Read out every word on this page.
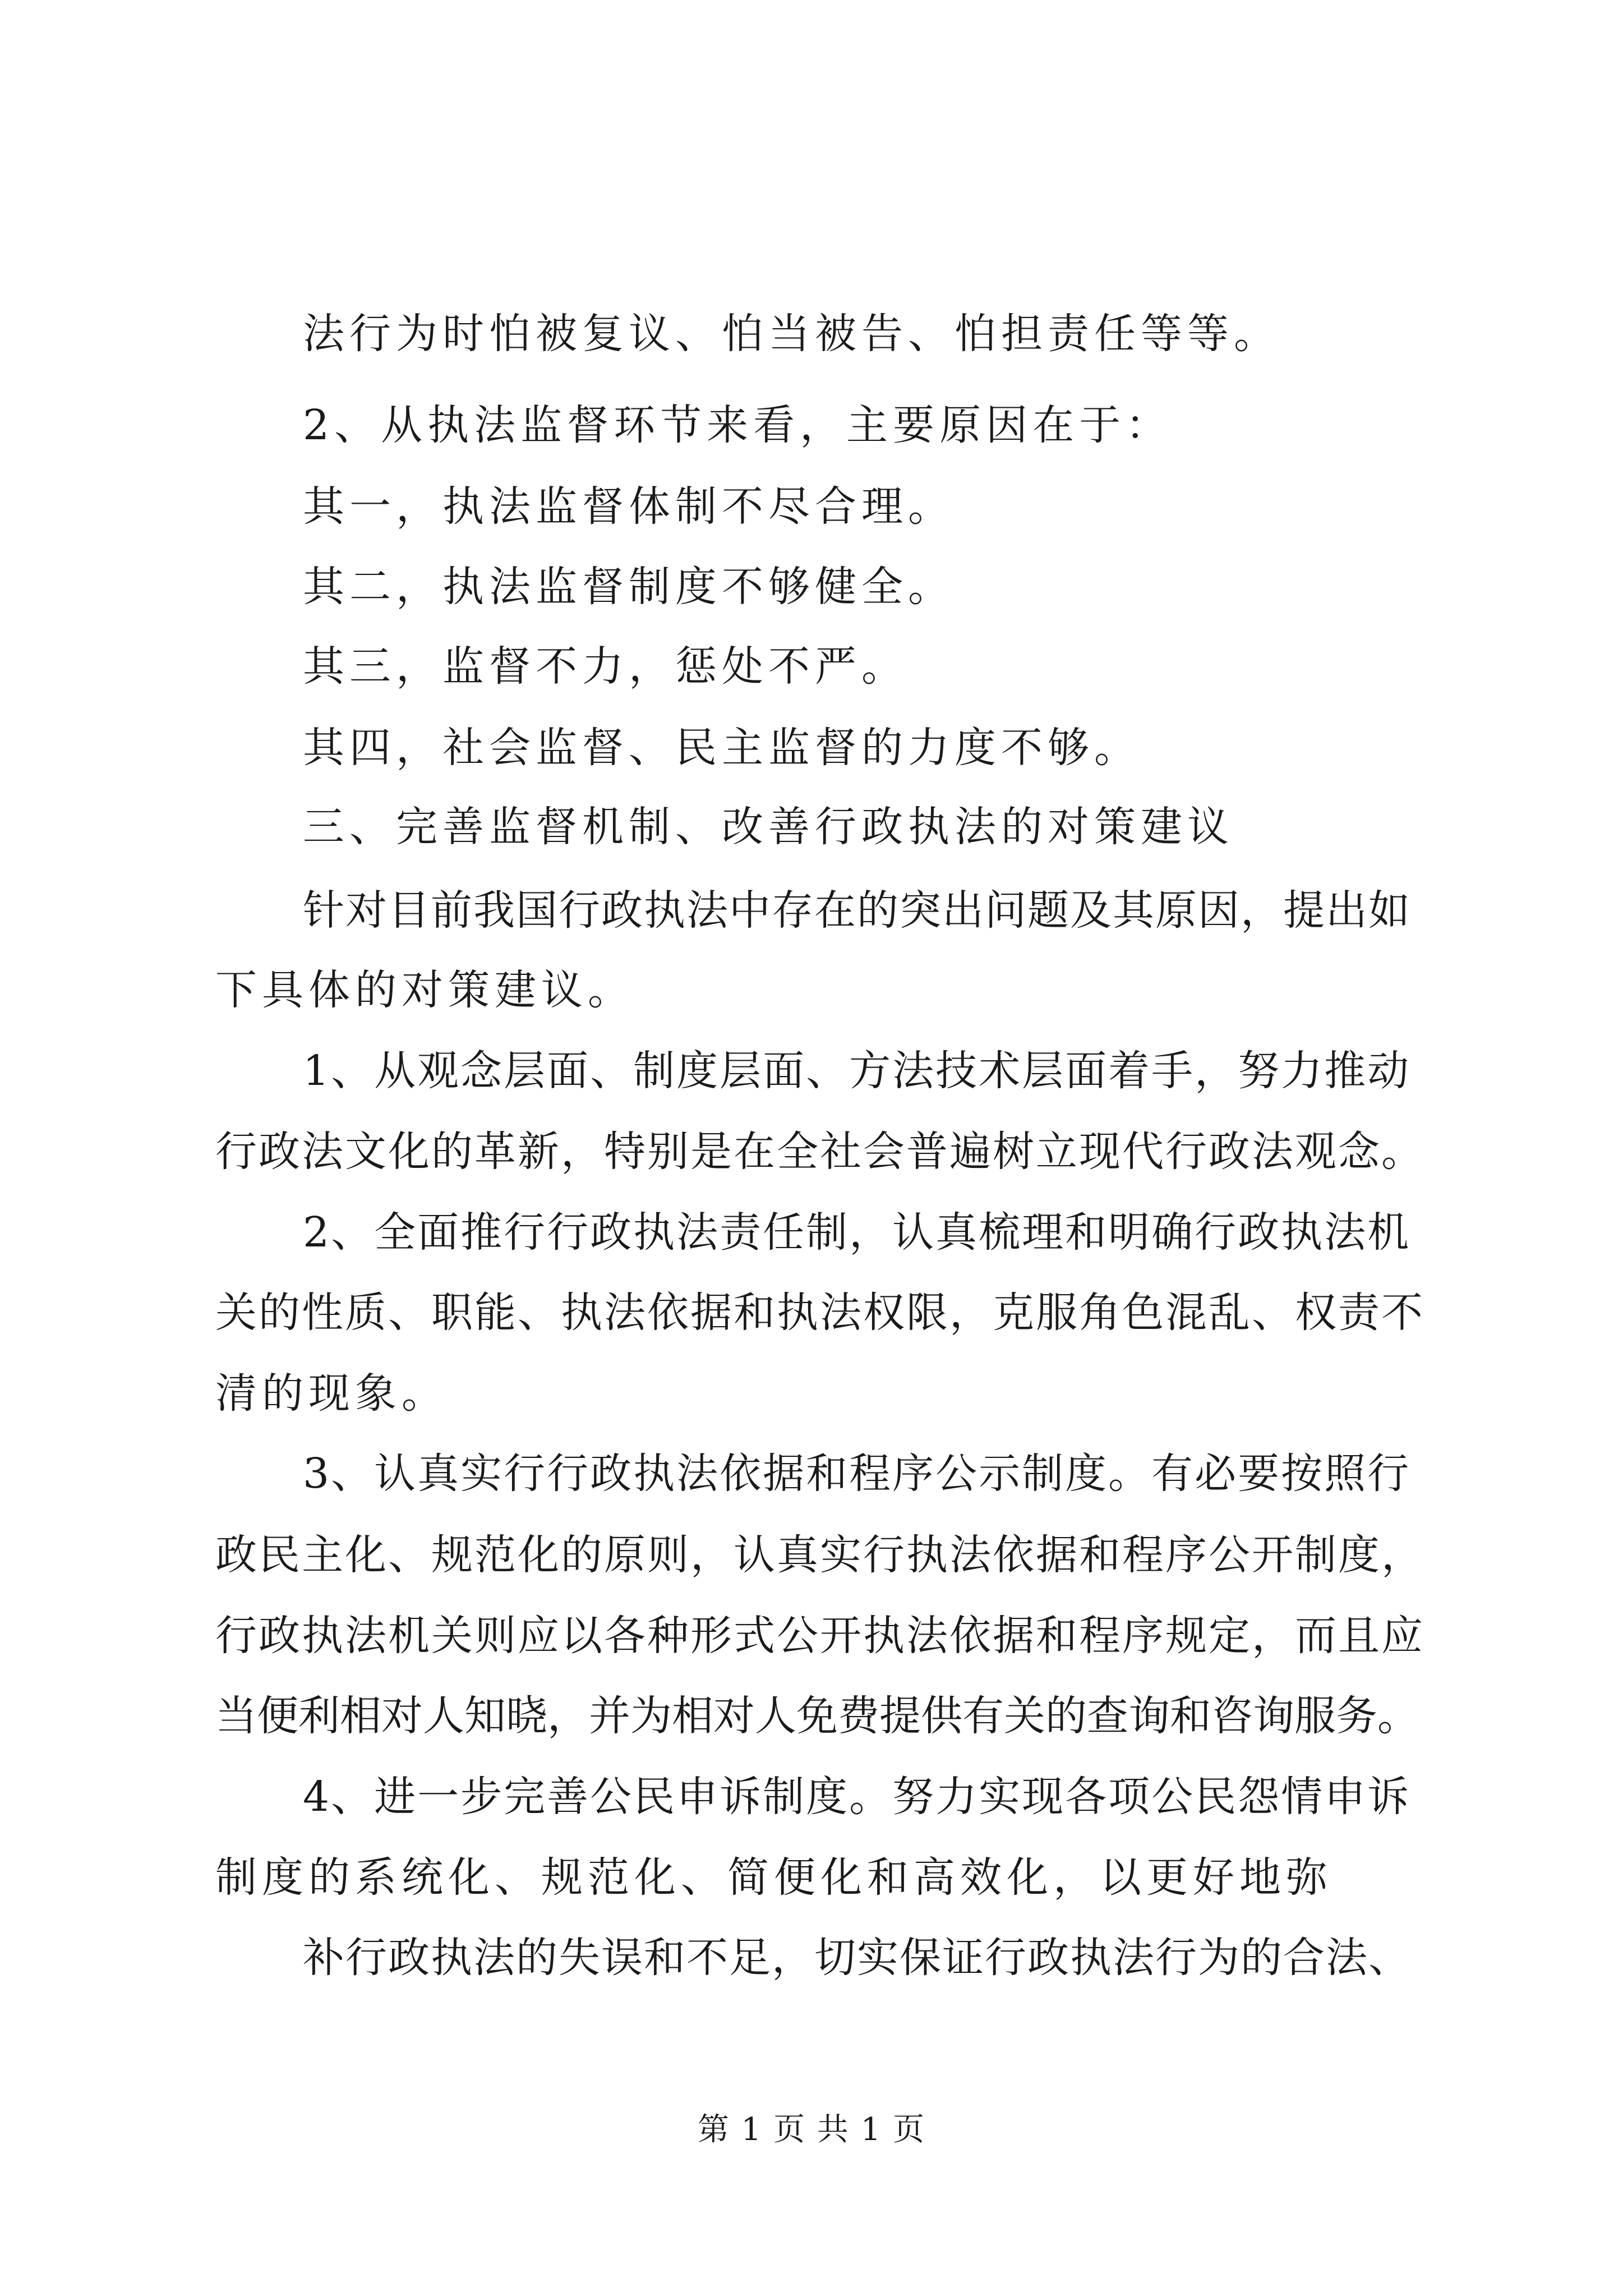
法行为时怕被复议、怕当被告、怕担责任等等。
2、从执法监督环节来看，主要原因在于：
其一，执法监督体制不尽合理。
其二，执法监督制度不够健全。
其三，监督不力，惩处不严。
其四，社会监督、民主监督的力度不够。
三、完善监督机制、改善行政执法的对策建议
针对目前我国行政执法中存在的突出问题及其原因，提出如
下具体的对策建议。
1、从观念层面、制度层面、方法技术层面着手，努力推动
行政法文化的革新，特别是在全社会普遍树立现代行政法观念。
2、全面推行行政执法责任制，认真梳理和明确行政执法机
关的性质、职能、执法依据和执法权限，克服角色混乱、权责不
清的现象。
3、认真实行行政执法依据和程序公示制度。有必要按照行
政民主化、规范化的原则，认真实行执法依据和程序公开制度，
行政执法机关则应以各种形式公开执法依据和程序规定，而且应
当便利相对人知晓，并为相对人免费提供有关的查询和咨询服务。
4、进一步完善公民申诉制度。努力实现各项公民怨情申诉
制度的系统化、规范化、简便化和高效化，以更好地弥
补行政执法的失误和不足，切实保证行政执法行为的合法、
第 1 页 共 1 页
